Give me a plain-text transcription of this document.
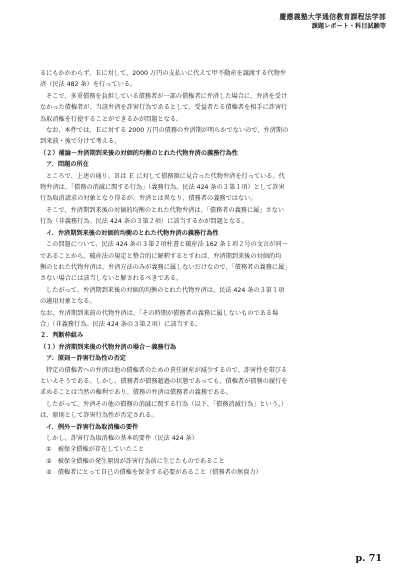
慶應義塾大学通信教育課程法学部
課題レポート・科目試験等
るにもかかわらず、Ｅに対して、2000 万円の支払いに代えて甲不動産を譲渡する代物弁
済（民法 482 条）を行っている。
そこで、多重債務を負担している債務者が一部の債権者に弁済した場合に、弁済を受け
なかった債権者が、当該弁済を詐害行為であるとして、受益者たる債権者を相手に詐害行
為取消権を行使することができるかが問題となる。
なお、本件では、Ｅに対する 2000 万円の債務の弁済期が明らかでないので、弁済期の
到来前・後で分けて考える。
（２）補論－弁済期到来後の対価的均衡のとれた代物弁済の義務行為性
ア．問題の所在
ところで、上述の通り、Ｂは Ｅ に対して債務額に見合った代物弁済を行っている。代
物弁済は、「債務の消滅に関する行為」（義務行為。民法 424 条の３第１項）として詐害
行為取消請求の対象となり得るが、弁済とは異なり、債務者の義務ではない。
そこで、弁済期到来後の対価的均衡のとれた代物弁済は、「債務者の義務に属」さない
行為（非義務行為。民法 424 条の３第２項）に該当するかが問題となる。
イ．弁済期到来後の対価的均衡のとれた代物弁済の義務行為性
この問題について、民法 424 条の３第２項柱書と破産法 162 条１項２号の文言が同一
であることから、破産法の規定と整合的に解釈するとすれば、弁済期到来後の対価的均
衡のとれた代物弁済は、弁済方法のみが義務に属しないだけなので、「債務者の義務に属」
さない場合には該当しないと解されるべきである。
したがって、弁済期到来後の対価的均衡のとれた代物弁済は、民法 424 条の３第１項
の適用対象となる。
なお、弁済期到来前の代物弁済は、「その時期が債務者の義務に属しないものである場
合」（非義務行為。民法 424 条の３第２項）に該当する。
２．判断枠組み
（１）弁済期到来後の代物弁済の場合－義務行為
ア．原則－詐害行為性の否定
特定の債権者への弁済は他の債権者のための責任財産が減少するので、詐害性を帯びる
といえそうである。しかし、債務者が債務超過の状態であっても、債権者が債務の履行を
求めることは当然の権利であり、債務の弁済は債務者の義務である。
したがって、弁済その他の債務の消滅に関する行為（以下、「債務消滅行為」という。）
は、原則として詐害行為性が否定される。
イ．例外－詐害行為取消権の要件
しかし、詐害行為取消権の基本的要件（民法 424 条）
①　被保全債権が存在していたこと
②　被保全債権の発生原因が詐害行為前に生じたものであること
③　債権者にとって自己の債権を保全する必要があること（債務者の無資力）
p. 71
